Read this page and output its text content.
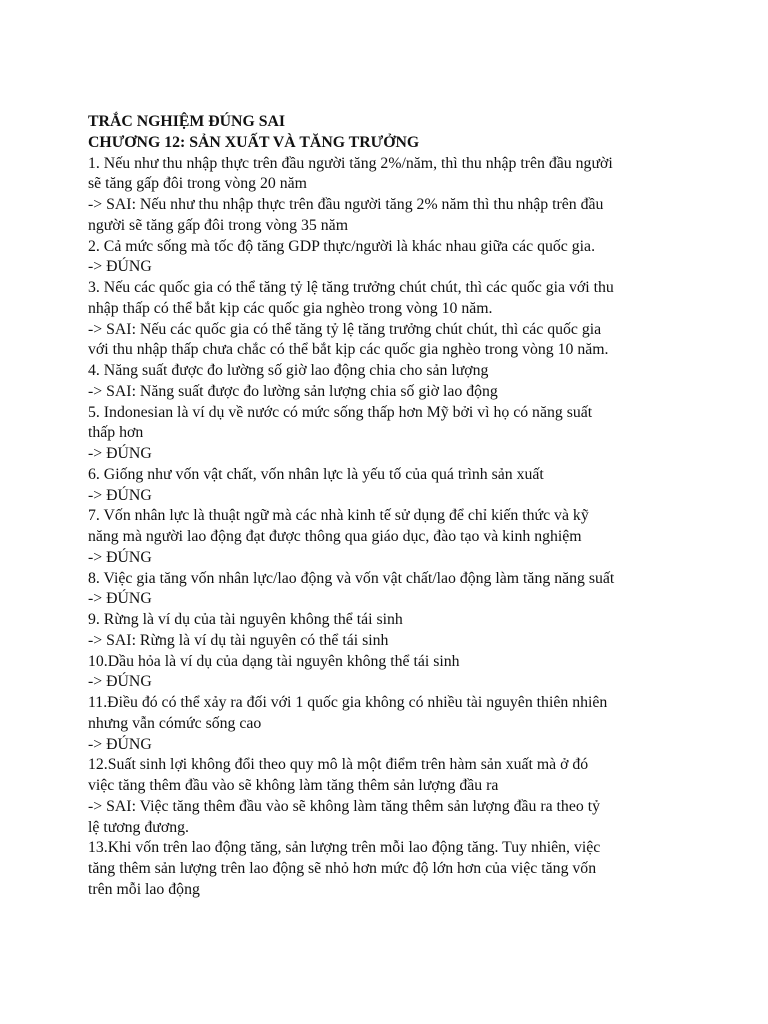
TRẮC NGHIỆM ĐÚNG SAI
CHƯƠNG 12: SẢN XUẤT VÀ TĂNG TRƯỞNG
1. Nếu như thu nhập thực trên đầu người tăng 2%/năm, thì thu nhập trên đầu người
sẽ tăng gấp đôi trong vòng 20 năm
-> SAI: Nếu như thu nhập thực trên đầu người tăng 2% năm thì thu nhập trên đầu
người sẽ tăng gấp đôi trong vòng 35 năm
2. Cả mức sống mà tốc độ tăng GDP thực/người là khác nhau giữa các quốc gia.
-> ĐÚNG
3. Nếu các quốc gia có thể tăng tỷ lệ tăng trưởng chút chút, thì các quốc gia với thu
nhập thấp có thể bắt kịp các quốc gia nghèo trong vòng 10 năm.
-> SAI: Nếu các quốc gia có thể tăng tỷ lệ tăng trưởng chút chút, thì các quốc gia
với thu nhập thấp chưa chắc có thể bắt kịp các quốc gia nghèo trong vòng 10 năm.
4. Năng suất được đo lường số giờ lao động chia cho sản lượng
-> SAI: Năng suất được đo lường sản lượng chia số giờ lao động
5. Indonesian là ví dụ về nước có mức sống thấp hơn Mỹ bởi vì họ có năng suất
thấp hơn
-> ĐÚNG
6. Giống như vốn vật chất, vốn nhân lực là yếu tố của quá trình sản xuất
-> ĐÚNG
7. Vốn nhân lực là thuật ngữ mà các nhà kinh tế sử dụng để chỉ kiến thức và kỹ
năng mà người lao động đạt được thông qua giáo dục, đào tạo và kinh nghiệm
-> ĐÚNG
8. Việc gia tăng vốn nhân lực/lao động và vốn vật chất/lao động làm tăng năng suất
-> ĐÚNG
9. Rừng là ví dụ của tài nguyên không thể tái sinh
-> SAI: Rừng là ví dụ tài nguyên có thể tái sinh
10.Dầu hỏa là ví dụ của dạng tài nguyên không thể tái sinh
-> ĐÚNG
11.Điều đó có thể xảy ra đối với 1 quốc gia không có nhiều tài nguyên thiên nhiên
nhưng vẫn cómức sống cao
-> ĐÚNG
12.Suất sinh lợi không đổi theo quy mô là một điểm trên hàm sản xuất mà ở đó
việc tăng thêm đầu vào sẽ không làm tăng thêm sản lượng đầu ra
-> SAI: Việc tăng thêm đầu vào sẽ không làm tăng thêm sản lượng đầu ra theo tỷ
lệ tương đương.
13.Khi vốn trên lao động tăng, sản lượng trên mỗi lao động tăng. Tuy nhiên, việc
tăng thêm sản lượng trên lao động sẽ nhỏ hơn mức độ lớn hơn của việc tăng vốn
trên mỗi lao động
